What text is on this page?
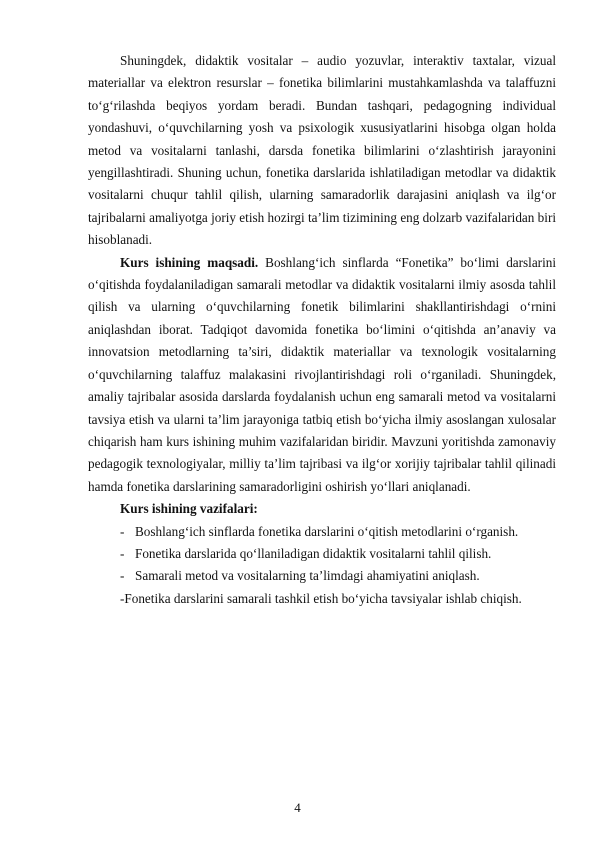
Shuningdek, didaktik vositalar – audio yozuvlar, interaktiv taxtalar, vizual materiallar va elektron resurslar – fonetika bilimlarini mustahkamlashda va talaffuzni to‘g‘rilashda beqiyos yordam beradi. Bundan tashqari, pedagogning individual yondashuvi, o‘quvchilarning yosh va psixologik xususiyatlarini hisobga olgan holda metod va vositalarni tanlashi, darsda fonetika bilimlarini o‘zlashtirish jarayonini yengillashtiradi. Shuning uchun, fonetika darslarida ishlatiladigan metodlar va didaktik vositalarni chuqur tahlil qilish, ularning samaradorlik darajasini aniqlash va ilg‘or tajribalarni amaliyotga joriy etish hozirgi ta’lim tizimining eng dolzarb vazifalaridan biri hisoblanadi.

Kurs ishining maqsadi. Boshlang‘ich sinflarda “Fonetika” bo‘limi darslarini o‘qitishda foydalaniladigan samarali metodlar va didaktik vositalarni ilmiy asosda tahlil qilish va ularning o‘quvchilarning fonetik bilimlarini shakllantirishdagi o‘rnini aniqlashdan iborat. Tadqiqot davomida fonetika bo‘limini o‘qitishda an’anaviy va innovatsion metodlarning ta’siri, didaktik materiallar va texnologik vositalarning o‘quvchilarning talaffuz malakasini rivojlantirishdagi roli o‘rganiladi. Shuningdek, amaliy tajribalar asosida darslarda foydalanish uchun eng samarali metod va vositalarni tavsiya etish va ularni ta’lim jarayoniga tatbiq etish bo‘yicha ilmiy asoslangan xulosalar chiqarish ham kurs ishining muhim vazifalaridan biridir. Mavzuni yoritishda zamonaviy pedagogik texnologiyalar, milliy ta’lim tajribasi va ilg‘or xorijiy tajribalar tahlil qilinadi hamda fonetika darslarining samaradorligini oshirish yo‘llari aniqlanadi.

Kurs ishining vazifalari:

- Boshlang‘ich sinflarda fonetika darslarini o‘qitish metodlarini o‘rganish.

- Fonetika darslarida qo‘llaniladigan didaktik vositalarni tahlil qilish.

- Samarali metod va vositalarning ta’limdagi ahamiyatini aniqlash.

-Fonetika darslarini samarali tashkil etish bo‘yicha tavsiyalar ishlab chiqish.

4
